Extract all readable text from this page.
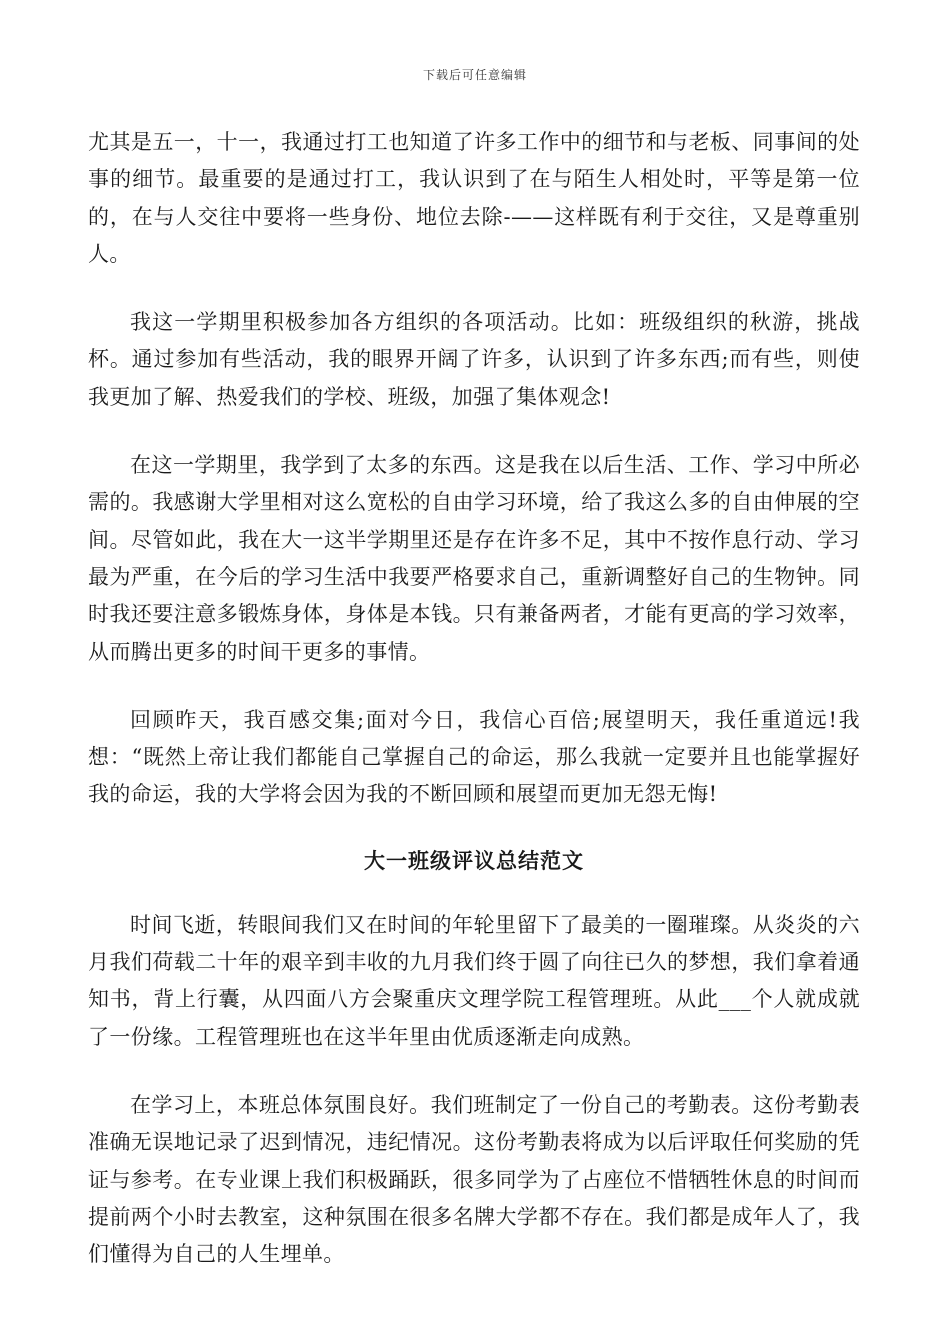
下载后可任意编辑

尤其是五一，十一，我通过打工也知道了许多工作中的细节和与老板、同事间的处事的细节。最重要的是通过打工，我认识到了在与陌生人相处时，平等是第一位的，在与人交往中要将一些身份、地位去除-——这样既有利于交往，又是尊重别人。

我这一学期里积极参加各方组织的各项活动。比如：班级组织的秋游，挑战杯。通过参加有些活动，我的眼界开阔了许多，认识到了许多东西;而有些，则使我更加了解、热爱我们的学校、班级，加强了集体观念!

在这一学期里，我学到了太多的东西。这是我在以后生活、工作、学习中所必需的。我感谢大学里相对这么宽松的自由学习环境，给了我这么多的自由伸展的空间。尽管如此，我在大一这半学期里还是存在许多不足，其中不按作息行动、学习最为严重，在今后的学习生活中我要严格要求自己，重新调整好自己的生物钟。同时我还要注意多锻炼身体，身体是本钱。只有兼备两者，才能有更高的学习效率，从而腾出更多的时间干更多的事情。

回顾昨天，我百感交集;面对今日，我信心百倍;展望明天，我任重道远!我想：“既然上帝让我们都能自己掌握自己的命运，那么我就一定要并且也能掌握好我的命运，我的大学将会因为我的不断回顾和展望而更加无怨无悔!

大一班级评议总结范文

时间飞逝，转眼间我们又在时间的年轮里留下了最美的一圈璀璨。从炎炎的六月我们荷载二十年的艰辛到丰收的九月我们终于圆了向往已久的梦想，我们拿着通知书，背上行囊，从四面八方会聚重庆文理学院工程管理班。从此___个人就成就了一份缘。工程管理班也在这半年里由优质逐渐走向成熟。

在学习上，本班总体氛围良好。我们班制定了一份自己的考勤表。这份考勤表准确无误地记录了迟到情况，违纪情况。这份考勤表将成为以后评取任何奖励的凭证与参考。在专业课上我们积极踊跃，很多同学为了占座位不惜牺牲休息的时间而提前两个小时去教室，这种氛围在很多名牌大学都不存在。我们都是成年人了，我们懂得为自己的人生埋单。
